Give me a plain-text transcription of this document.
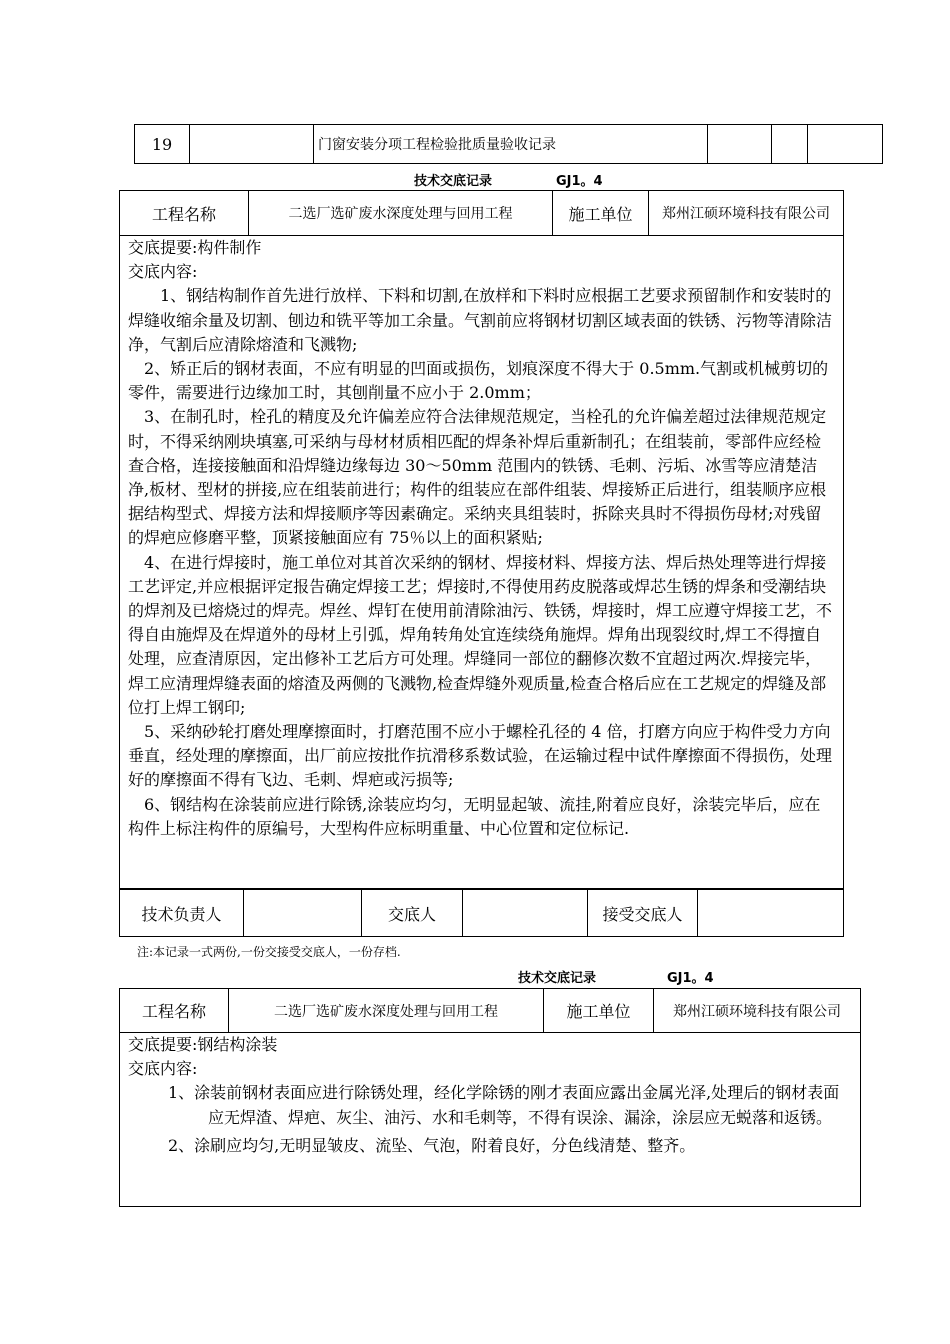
19		门窗安装分项工程检验批质量验收记录			
技术交底记录	GJ1。4
工程名称	二选厂选矿废水深度处理与回用工程	施工单位	郑州江硕环境科技有限公司
交底提要:构件制作
交底内容:

1、钢结构制作首先进行放样、下料和切割,在放样和下料时应根据工艺要求预留制作和安装时的焊缝收缩余量及切割、刨边和铣平等加工余量。气割前应将钢材切割区域表面的铁锈、污物等清除洁净，气割后应清除熔渣和飞溅物;

2、矫正后的钢材表面，不应有明显的凹面或损伤，划痕深度不得大于 0.5mm.气割或机械剪切的零件，需要进行边缘加工时，其刨削量不应小于 2.0mm；

3、在制孔时，栓孔的精度及允许偏差应符合法律规范规定，当栓孔的允许偏差超过法律规范规定时，不得采纳刚块填塞,可采纳与母材材质相匹配的焊条补焊后重新制孔；在组装前，零部件应经检查合格，连接接触面和沿焊缝边缘每边 30～50mm 范围内的铁锈、毛刺、污垢、冰雪等应清楚洁净,板材、型材的拼接,应在组装前进行；构件的组装应在部件组装、焊接矫正后进行，组装顺序应根据结构型式、焊接方法和焊接顺序等因素确定。采纳夹具组装时，拆除夹具时不得损伤母材;对残留的焊疤应修磨平整，顶紧接触面应有 75％以上的面积紧贴;

4、在进行焊接时，施工单位对其首次采纳的钢材、焊接材料、焊接方法、焊后热处理等进行焊接工艺评定,并应根据评定报告确定焊接工艺；焊接时,不得使用药皮脱落或焊芯生锈的焊条和受潮结块的焊剂及已熔烧过的焊壳。焊丝、焊钉在使用前清除油污、铁锈，焊接时，焊工应遵守焊接工艺，不得自由施焊及在焊道外的母材上引弧，焊角转角处宜连续绕角施焊。焊角出现裂纹时,焊工不得擅自处理，应查清原因，定出修补工艺后方可处理。焊缝同一部位的翻修次数不宜超过两次.焊接完毕，焊工应清理焊缝表面的熔渣及两侧的飞溅物,检查焊缝外观质量,检查合格后应在工艺规定的焊缝及部位打上焊工钢印;

5、采纳砂轮打磨处理摩擦面时，打磨范围不应小于螺栓孔径的 4 倍，打磨方向应于构件受力方向垂直，经处理的摩擦面，出厂前应按批作抗滑移系数试验，在运输过程中试件摩擦面不得损伤，处理好的摩擦面不得有飞边、毛刺、焊疤或污损等;

6、钢结构在涂装前应进行除锈,涂装应均匀，无明显起皱、流挂,附着应良好，涂装完毕后，应在构件上标注构件的原编号，大型构件应标明重量、中心位置和定位标记.

技术负责人		交底人		接受交底人	
注:本记录一式两份,一份交接受交底人，一份存档.
技术交底记录	GJ1。4
工程名称	二选厂选矿废水深度处理与回用工程	施工单位	郑州江硕环境科技有限公司
交底提要:钢结构涂装
交底内容:

1、涂装前钢材表面应进行除锈处理，经化学除锈的刚才表面应露出金属光泽,处理后的钢材表面应无焊渣、焊疤、灰尘、油污、水和毛刺等，不得有误涂、漏涂，涂层应无蜕落和返锈。

2、涂刷应均匀,无明显皱皮、流坠、气泡，附着良好，分色线清楚、整齐。
